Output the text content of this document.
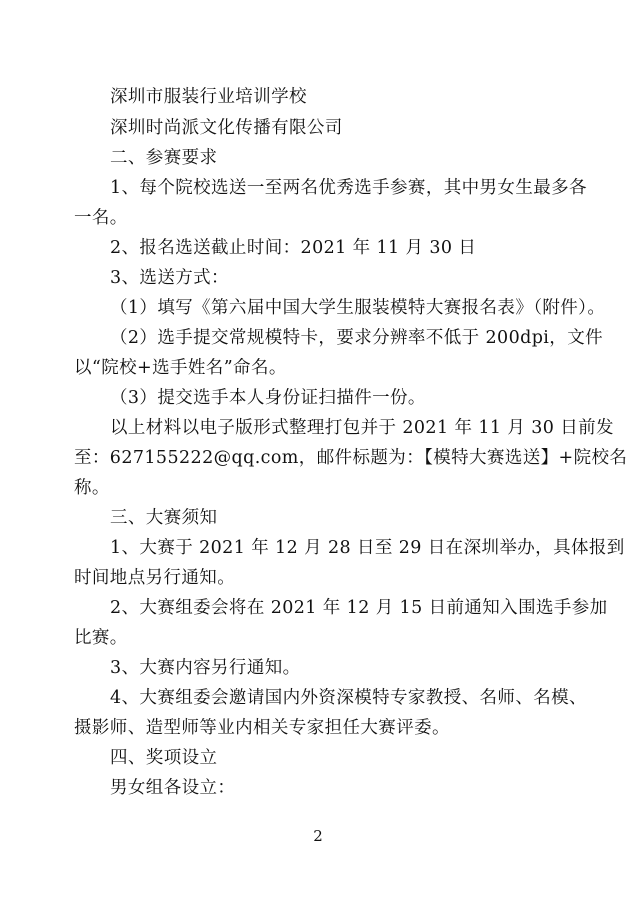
深圳市服装行业培训学校
深圳时尚派文化传播有限公司
二、参赛要求
1、每个院校选送一至两名优秀选手参赛，其中男女生最多各
一名。
2、报名选送截止时间：2021 年 11 月 30 日
3、选送方式：
（1）填写《第六届中国大学生服装模特大赛报名表》（附件）。
（2）选手提交常规模特卡，要求分辨率不低于 200dpi，文件
以“院校+选手姓名”命名。
（3）提交选手本人身份证扫描件一份。
以上材料以电子版形式整理打包并于 2021 年 11 月 30 日前发
至：627155222@qq.com，邮件标题为：【模特大赛选送】+院校名
称。
三、大赛须知
1、大赛于 2021 年 12 月 28 日至 29 日在深圳举办，具体报到
时间地点另行通知。
2、大赛组委会将在 2021 年 12 月 15 日前通知入围选手参加
比赛。
3、大赛内容另行通知。
4、大赛组委会邀请国内外资深模特专家教授、名师、名模、
摄影师、造型师等业内相关专家担任大赛评委。
四、奖项设立
男女组各设立：
2
